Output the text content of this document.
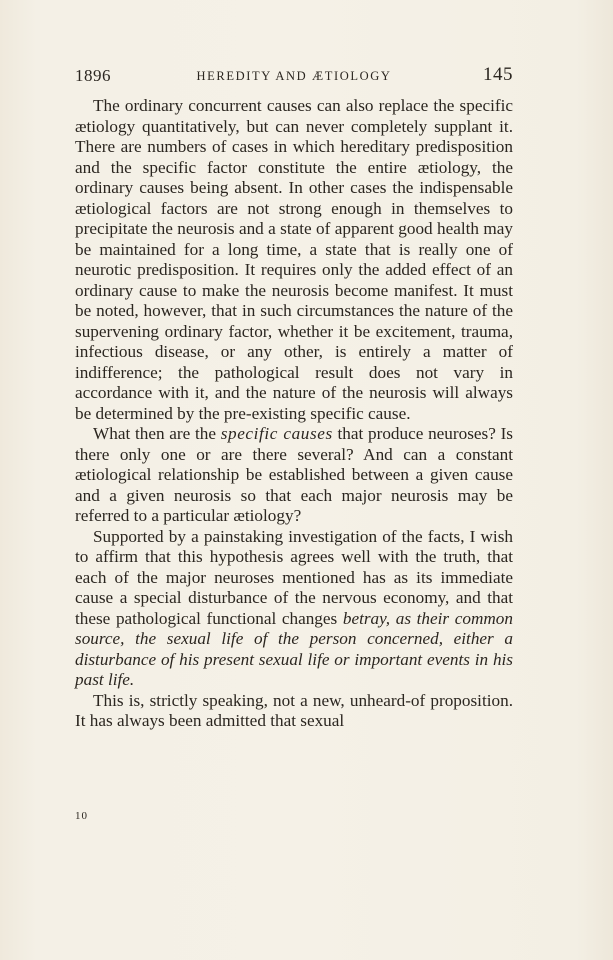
1896	HEREDITY AND ÆTIOLOGY	145

The ordinary concurrent causes can also replace the specific ætiology quantitatively, but can never completely supplant it. There are numbers of cases in which hereditary predisposition and the specific factor constitute the entire ætiology, the ordinary causes being absent. In other cases the indispensable ætiological factors are not strong enough in themselves to precipitate the neurosis and a state of apparent good health may be maintained for a long time, a state that is really one of neurotic predisposition. It requires only the added effect of an ordinary cause to make the neurosis become manifest. It must be noted, however, that in such circumstances the nature of the supervening ordinary factor, whether it be excitement, trauma, infectious disease, or any other, is entirely a matter of indifference; the pathological result does not vary in accordance with it, and the nature of the neurosis will always be determined by the pre-existing specific cause.

What then are the specific causes that produce neuroses? Is there only one or are there several? And can a constant ætiological relationship be established between a given cause and a given neurosis so that each major neurosis may be referred to a particular ætiology?

Supported by a painstaking investigation of the facts, I wish to affirm that this hypothesis agrees well with the truth, that each of the major neuroses mentioned has as its immediate cause a special disturbance of the nervous economy, and that these pathological functional changes betray, as their common source, the sexual life of the person concerned, either a disturbance of his present sexual life or important events in his past life.

This is, strictly speaking, not a new, unheard-of proposition. It has always been admitted that sexual

10
